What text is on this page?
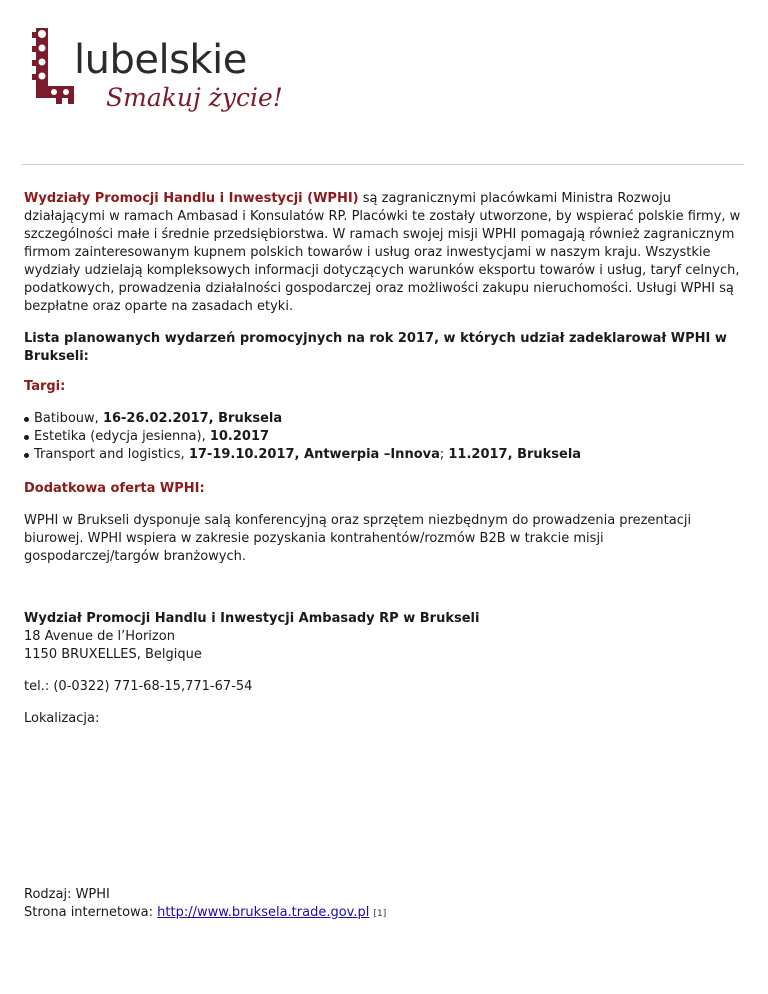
lubelskie
Smakuj życie!

Wydziały Promocji Handlu i Inwestycji (WPHI) są zagranicznymi placówkami Ministra Rozwoju działającymi w ramach Ambasad i Konsulatów RP. Placówki te zostały utworzone, by wspierać polskie firmy, w szczególności małe i średnie przedsiębiorstwa. W ramach swojej misji WPHI pomagają również zagranicznym firmom zainteresowanym kupnem polskich towarów i usług oraz inwestycjami w naszym kraju. Wszystkie wydziały udzielają kompleksowych informacji dotyczących warunków eksportu towarów i usług, taryf celnych, podatkowych, prowadzenia działalności gospodarczej oraz możliwości zakupu nieruchomości. Usługi WPHI są bezpłatne oraz oparte na zasadach etyki.

Lista planowanych wydarzeń promocyjnych na rok 2017, w których udział zadeklarował WPHI w Brukseli:

Targi:

Batibouw, 16-26.02.2017, Bruksela
Estetika (edycja jesienna), 10.2017
Transport and logistics, 17-19.10.2017, Antwerpia –Innova; 11.2017, Bruksela

Dodatkowa oferta WPHI:

WPHI w Brukseli dysponuje salą konferencyjną oraz sprzętem niezbędnym do prowadzenia prezentacji biurowej. WPHI wspiera w zakresie pozyskania kontrahentów/rozmów B2B w trakcie misji gospodarczej/targów branżowych.

Wydział Promocji Handlu i Inwestycji Ambasady RP w Brukseli

18 Avenue de l’Horizon

1150 BRUXELLES, Belgique

tel.: (0-0322) 771-68-15,771-67-54

Lokalizacja:

Rodzaj: WPHI

Strona internetowa: http://www.bruksela.trade.gov.pl [1]
